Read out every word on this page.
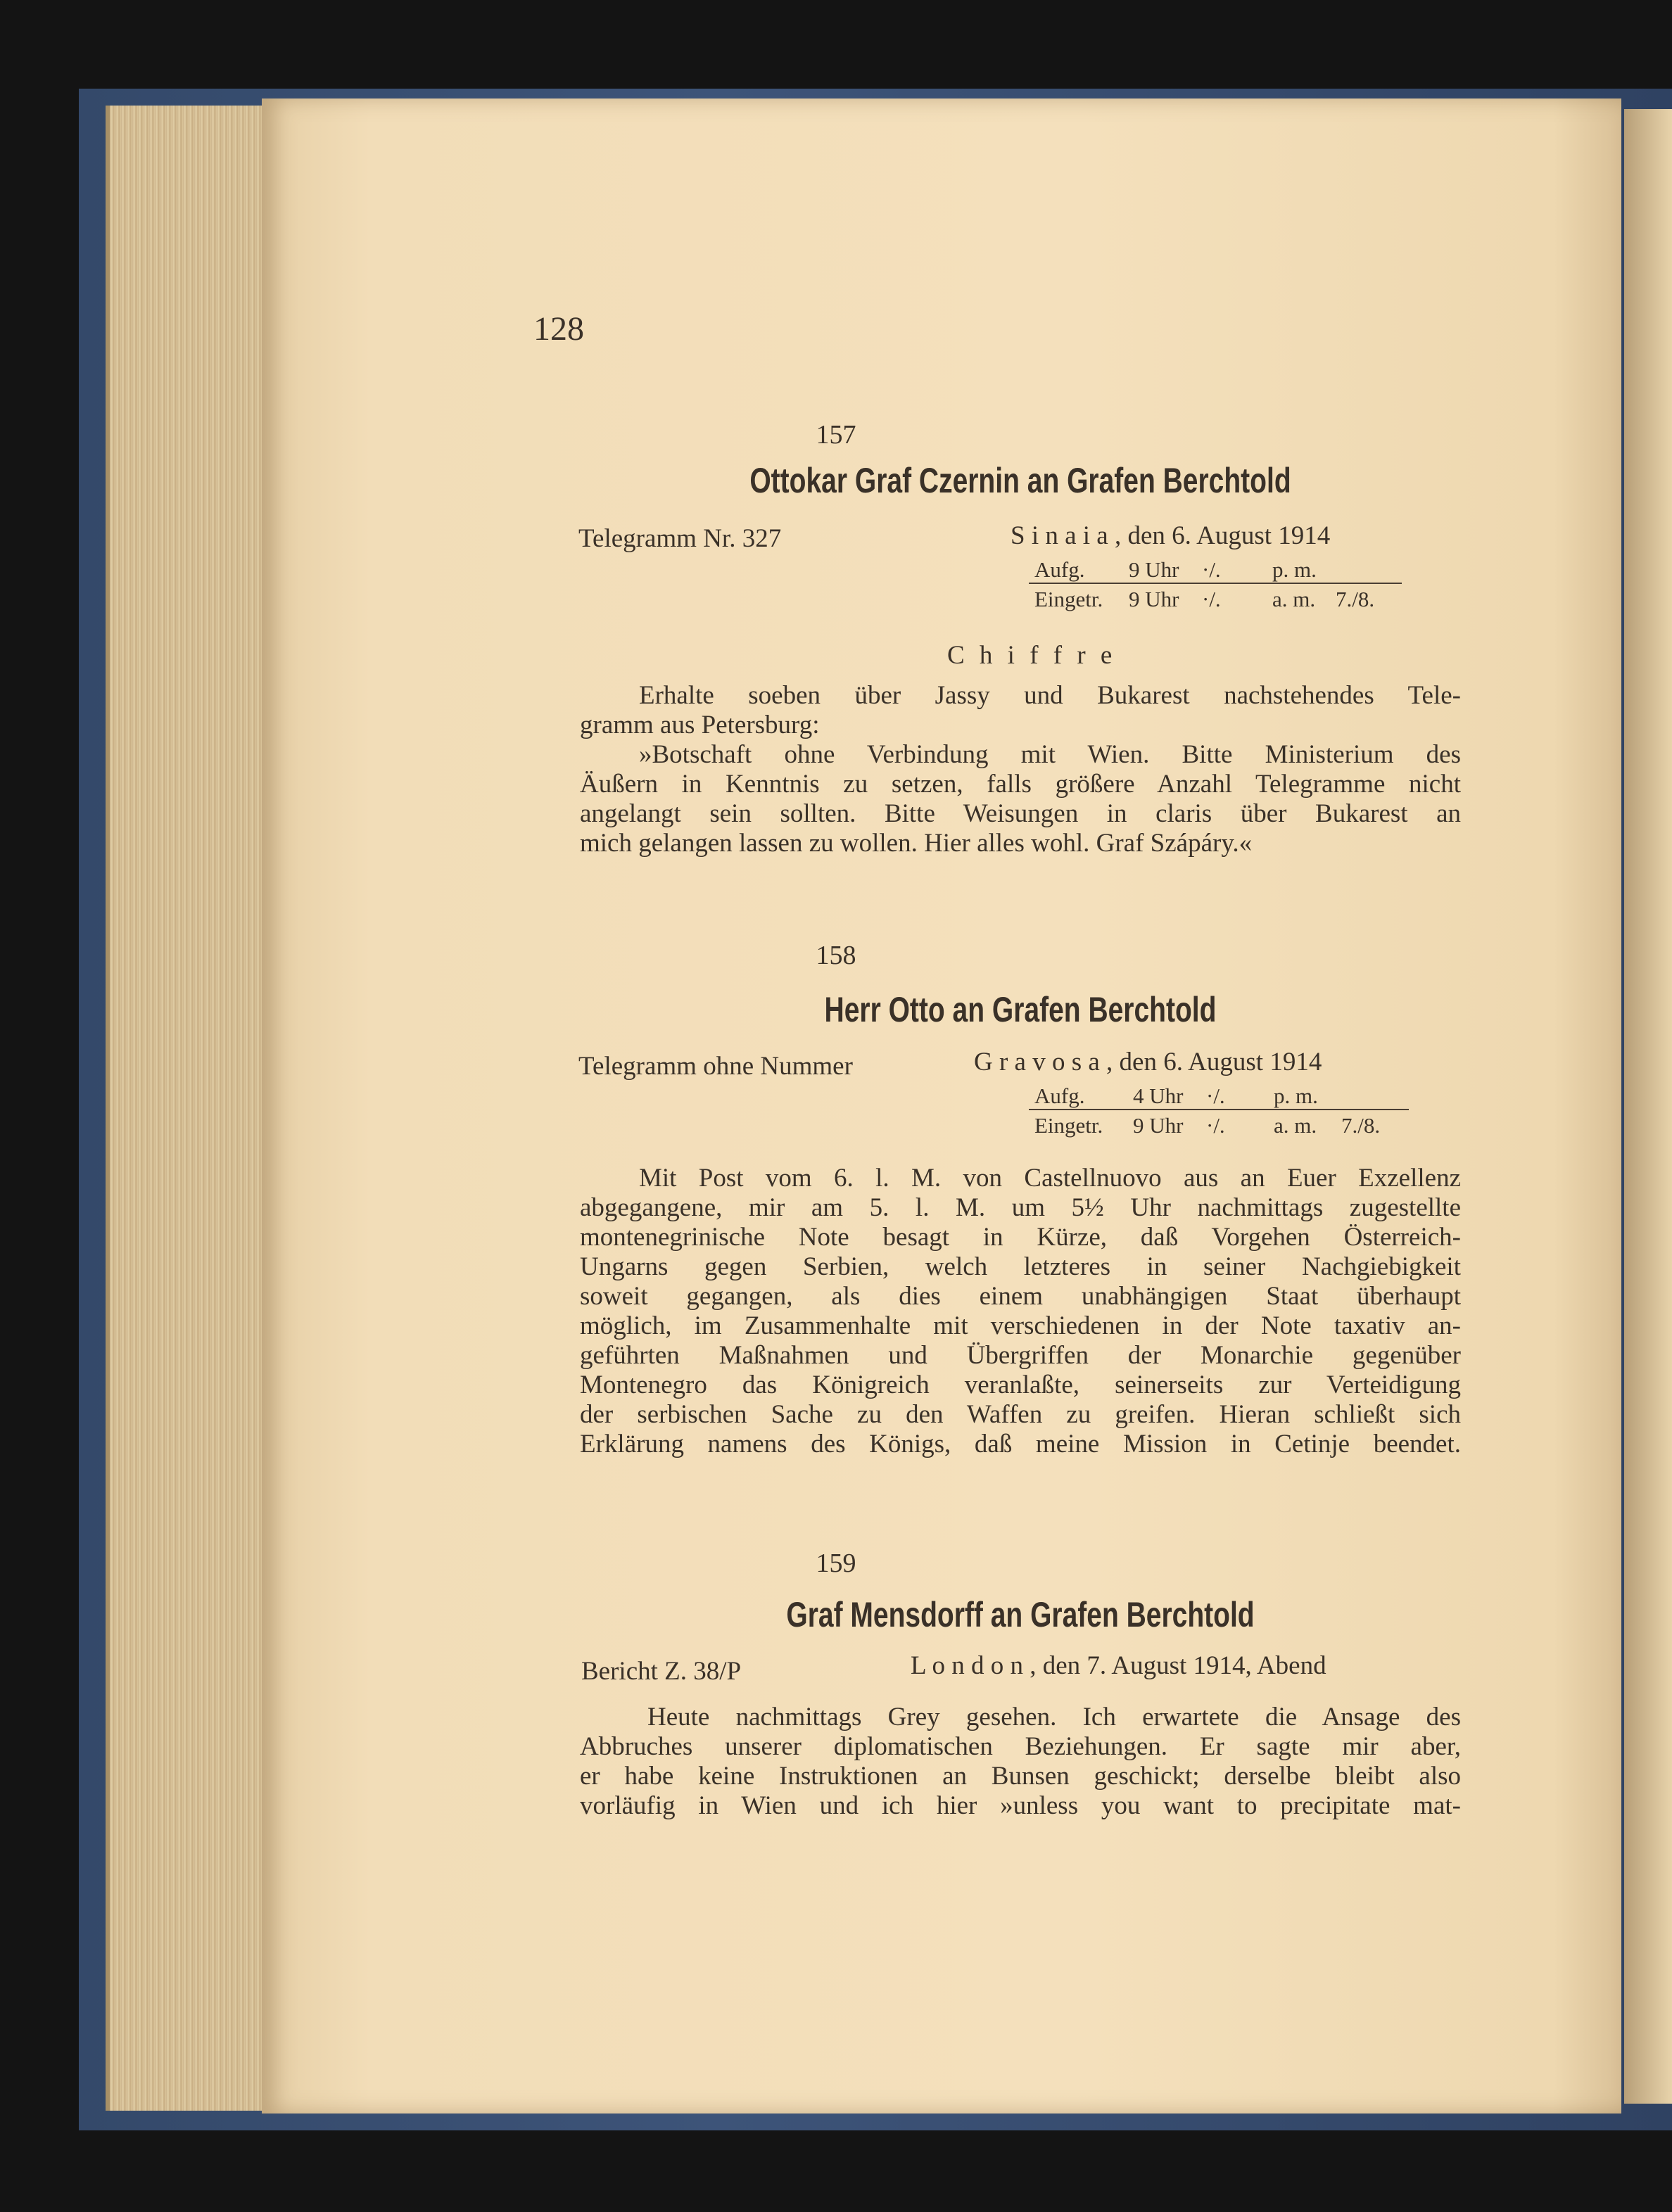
128
157
Ottokar Graf Czernin an Grafen Berchtold
Telegramm Nr. 327	S i n a i a , den 6. August 1914
Aufg. 9 Uhr ·/. p. m.
Eingetr. 9 Uhr ·/. a. m. 7./8.
C h i f f r e
Erhalte soeben über Jassy und Bukarest nachstehendes Tele-
gramm aus Petersburg:
»Botschaft ohne Verbindung mit Wien. Bitte Ministerium des
Äußern in Kenntnis zu setzen, falls größere Anzahl Telegramme nicht
angelangt sein sollten. Bitte Weisungen in claris über Bukarest an
mich gelangen lassen zu wollen. Hier alles wohl. Graf Szápáry.«
158
Herr Otto an Grafen Berchtold
Telegramm ohne Nummer	G r a v o s a , den 6. August 1914
Aufg. 4 Uhr ·/. p. m.
Eingetr. 9 Uhr ·/. a. m. 7./8.
Mit Post vom 6. l. M. von Castellnuovo aus an Euer Exzellenz
abgegangene, mir am 5. l. M. um 5½ Uhr nachmittags zugestellte
montenegrinische Note besagt in Kürze, daß Vorgehen Österreich-
Ungarns gegen Serbien, welch letzteres in seiner Nachgiebigkeit
soweit gegangen, als dies einem unabhängigen Staat überhaupt
möglich, im Zusammenhalte mit verschiedenen in der Note taxativ an-
geführten Maßnahmen und Übergriffen der Monarchie gegenüber
Montenegro das Königreich veranlaßte, seinerseits zur Verteidigung
der serbischen Sache zu den Waffen zu greifen. Hieran schließt sich
Erklärung namens des Königs, daß meine Mission in Cetinje beendet.
159
Graf Mensdorff an Grafen Berchtold
Bericht Z. 38/P	L o n d o n , den 7. August 1914, Abend
Heute nachmittags Grey gesehen. Ich erwartete die Ansage des
Abbruches unserer diplomatischen Beziehungen. Er sagte mir aber,
er habe keine Instruktionen an Bunsen geschickt; derselbe bleibt also
vorläufig in Wien und ich hier »unless you want to precipitate mat-
